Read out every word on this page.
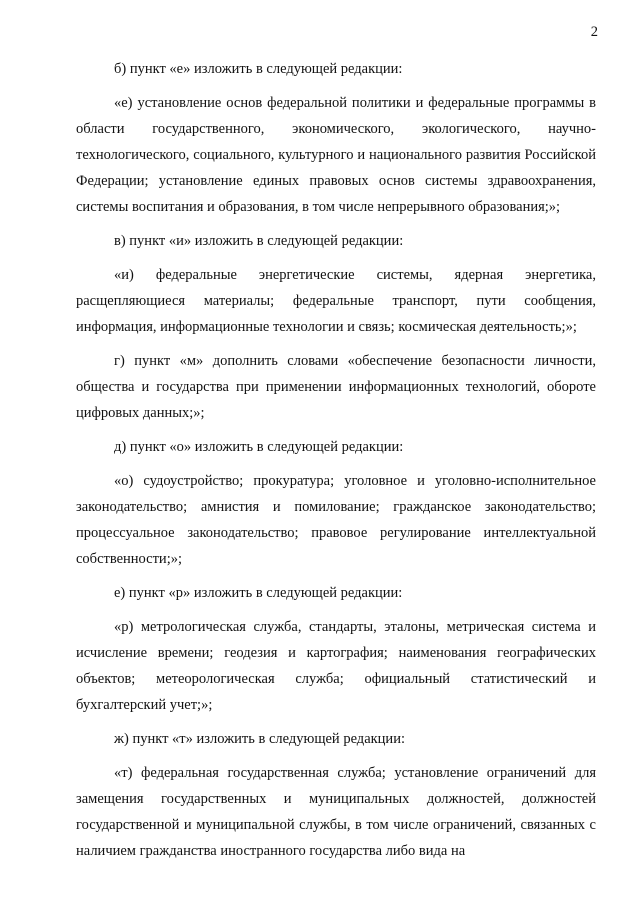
2

б) пункт «е» изложить в следующей редакции:

«е) установление основ федеральной политики и федеральные программы в области государственного, экономического, экологического, научно-технологического, социального, культурного и национального развития Российской Федерации; установление единых правовых основ системы здравоохранения, системы воспитания и образования, в том числе непрерывного образования;»;

в) пункт «и» изложить в следующей редакции:

«и) федеральные энергетические системы, ядерная энергетика, расщепляющиеся материалы; федеральные транспорт, пути сообщения, информация, информационные технологии и связь; космическая деятельность;»;

г) пункт «м» дополнить словами «обеспечение безопасности личности, общества и государства при применении информационных технологий, обороте цифровых данных;»;

д) пункт «о» изложить в следующей редакции:

«о) судоустройство; прокуратура; уголовное и уголовно-исполнительное законодательство; амнистия и помилование; гражданское законодательство; процессуальное законодательство; правовое регулирование интеллектуальной собственности;»;

е) пункт «р» изложить в следующей редакции:

«р) метрологическая служба, стандарты, эталоны, метрическая система и исчисление времени; геодезия и картография; наименования географических объектов; метеорологическая служба; официальный статистический и бухгалтерский учет;»;

ж) пункт «т» изложить в следующей редакции:

«т) федеральная государственная служба; установление ограничений для замещения государственных и муниципальных должностей, должностей государственной и муниципальной службы, в том числе ограничений, связанных с наличием гражданства иностранного государства либо вида на
